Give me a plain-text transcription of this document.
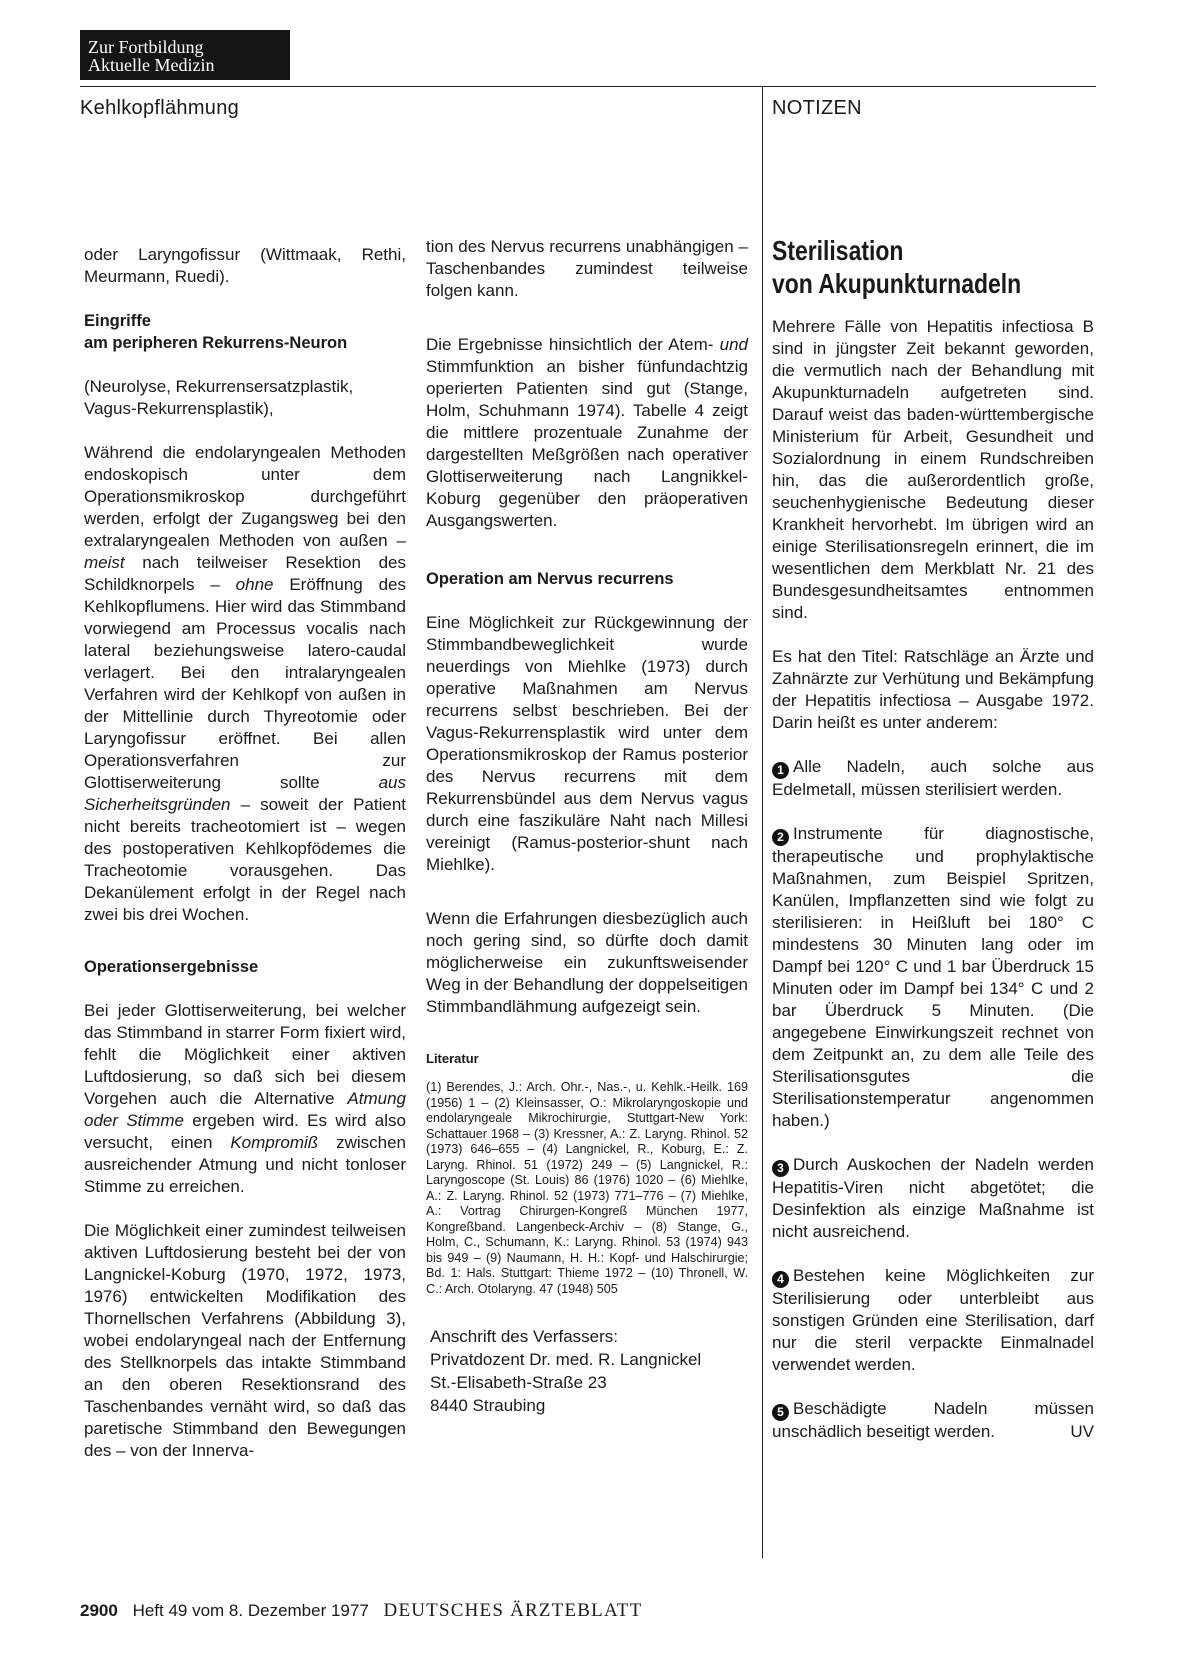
Zur Fortbildung
Aktuelle Medizin
Kehlkopflähmung	NOTIZEN

oder Laryngofissur (Wittmaak, Rethi, Meurmann, Ruedi).

Eingriffe
am peripheren Rekurrens-Neuron

(Neurolyse, Rekurrensersatzplastik, Vagus-Rekurrensplastik),

Während die endolaryngealen Methoden endoskopisch unter dem Operationsmikroskop durchgeführt werden, erfolgt der Zugangsweg bei den extralaryngealen Methoden von außen – meist nach teilweiser Resektion des Schildknorpels – ohne Eröffnung des Kehlkopflumens. Hier wird das Stimmband vorwiegend am Processus vocalis nach lateral beziehungsweise latero-caudal verlagert. Bei den intralaryngealen Verfahren wird der Kehlkopf von außen in der Mittellinie durch Thyreotomie oder Laryngofissur eröffnet. Bei allen Operationsverfahren zur Glottiserweiterung sollte aus Sicherheitsgründen – soweit der Patient nicht bereits tracheotomiert ist – wegen des postoperativen Kehlkopfödemes die Tracheotomie vorausgehen. Das Dekanülement erfolgt in der Regel nach zwei bis drei Wochen.

Operationsergebnisse

Bei jeder Glottiserweiterung, bei welcher das Stimmband in starrer Form fixiert wird, fehlt die Möglichkeit einer aktiven Luftdosierung, so daß sich bei diesem Vorgehen auch die Alternative Atmung oder Stimme ergeben wird. Es wird also versucht, einen Kompromiß zwischen ausreichender Atmung und nicht tonloser Stimme zu erreichen.

Die Möglichkeit einer zumindest teilweisen aktiven Luftdosierung besteht bei der von Langnickel-Koburg (1970, 1972, 1973, 1976) entwickelten Modifikation des Thornellschen Verfahrens (Abbildung 3), wobei endolaryngeal nach der Entfernung des Stellknorpels das intakte Stimmband an den oberen Resektionsrand des Taschenbandes vernäht wird, so daß das paretische Stimmband den Bewegungen des – von der Innerva-

tion des Nervus recurrens unabhängigen – Taschenbandes zumindest teilweise folgen kann.

Die Ergebnisse hinsichtlich der Atem- und Stimmfunktion an bisher fünfundachtzig operierten Patienten sind gut (Stange, Holm, Schuhmann 1974). Tabelle 4 zeigt die mittlere prozentuale Zunahme der dargestellten Meßgrößen nach operativer Glottiserweiterung nach Langnikkel-Koburg gegenüber den präoperativen Ausgangswerten.

Operation am Nervus recurrens

Eine Möglichkeit zur Rückgewinnung der Stimmbandbeweglichkeit wurde neuerdings von Miehlke (1973) durch operative Maßnahmen am Nervus recurrens selbst beschrieben. Bei der Vagus-Rekurrensplastik wird unter dem Operationsmikroskop der Ramus posterior des Nervus recurrens mit dem Rekurrensbündel aus dem Nervus vagus durch eine faszikuläre Naht nach Millesi vereinigt (Ramus-posterior-shunt nach Miehlke).

Wenn die Erfahrungen diesbezüglich auch noch gering sind, so dürfte doch damit möglicherweise ein zukunftsweisender Weg in der Behandlung der doppelseitigen Stimmbandlähmung aufgezeigt sein.

Literatur
(1) Berendes, J.: Arch. Ohr.-, Nas.-, u. Kehlk.-Heilk. 169 (1956) 1 – (2) Kleinsasser, O.: Mikrolaryngoskopie und endolaryngeale Mikrochirurgie, Stuttgart-New York: Schattauer 1968 – (3) Kressner, A.: Z. Laryng. Rhinol. 52 (1973) 646–655 – (4) Langnickel, R., Koburg, E.: Z. Laryng. Rhinol. 51 (1972) 249 – (5) Langnickel, R.: Laryngoscope (St. Louis) 86 (1976) 1020 – (6) Miehlke, A.: Z. Laryng. Rhinol. 52 (1973) 771–776 – (7) Miehlke, A.: Vortrag Chirurgen-Kongreß München 1977, Kongreßband. Langenbeck-Archiv – (8) Stange, G., Holm, C., Schumann, K.: Laryng. Rhinol. 53 (1974) 943 bis 949 – (9) Naumann, H. H.: Kopf- und Halschirurgie; Bd. 1: Hals. Stuttgart: Thieme 1972 – (10) Thronell, W. C.: Arch. Otolaryng. 47 (1948) 505
Anschrift des Verfassers:
Privatdozent Dr. med. R. Langnickel
St.-Elisabeth-Straße 23
8440 Straubing
Sterilisation
von Akupunkturnadeln

Mehrere Fälle von Hepatitis infectiosa B sind in jüngster Zeit bekannt geworden, die vermutlich nach der Behandlung mit Akupunkturnadeln aufgetreten sind. Darauf weist das baden-württembergische Ministerium für Arbeit, Gesundheit und Sozialordnung in einem Rundschreiben hin, das die außerordentlich große, seuchenhygienische Bedeutung dieser Krankheit hervorhebt. Im übrigen wird an einige Sterilisationsregeln erinnert, die im wesentlichen dem Merkblatt Nr. 21 des Bundesgesundheitsamtes entnommen sind.

Es hat den Titel: Ratschläge an Ärzte und Zahnärzte zur Verhütung und Bekämpfung der Hepatitis infectiosa – Ausgabe 1972. Darin heißt es unter anderem:

1 Alle Nadeln, auch solche aus Edelmetall, müssen sterilisiert werden.

2 Instrumente für diagnostische, therapeutische und prophylaktische Maßnahmen, zum Beispiel Spritzen, Kanülen, Impflanzetten sind wie folgt zu sterilisieren: in Heißluft bei 180° C mindestens 30 Minuten lang oder im Dampf bei 120° C und 1 bar Überdruck 15 Minuten oder im Dampf bei 134° C und 2 bar Überdruck 5 Minuten. (Die angegebene Einwirkungszeit rechnet von dem Zeitpunkt an, zu dem alle Teile des Sterilisationsgutes die Sterilisationstemperatur angenommen haben.)

3 Durch Auskochen der Nadeln werden Hepatitis-Viren nicht abgetötet; die Desinfektion als einzige Maßnahme ist nicht ausreichend.

4 Bestehen keine Möglichkeiten zur Sterilisierung oder unterbleibt aus sonstigen Gründen eine Sterilisation, darf nur die steril verpackte Einmalnadel verwendet werden.

5 Beschädigte Nadeln müssen unschädlich beseitigt werden.	UV

2900 Heft 49 vom 8. Dezember 1977 DEUTSCHES ÄRZTEBLATT
